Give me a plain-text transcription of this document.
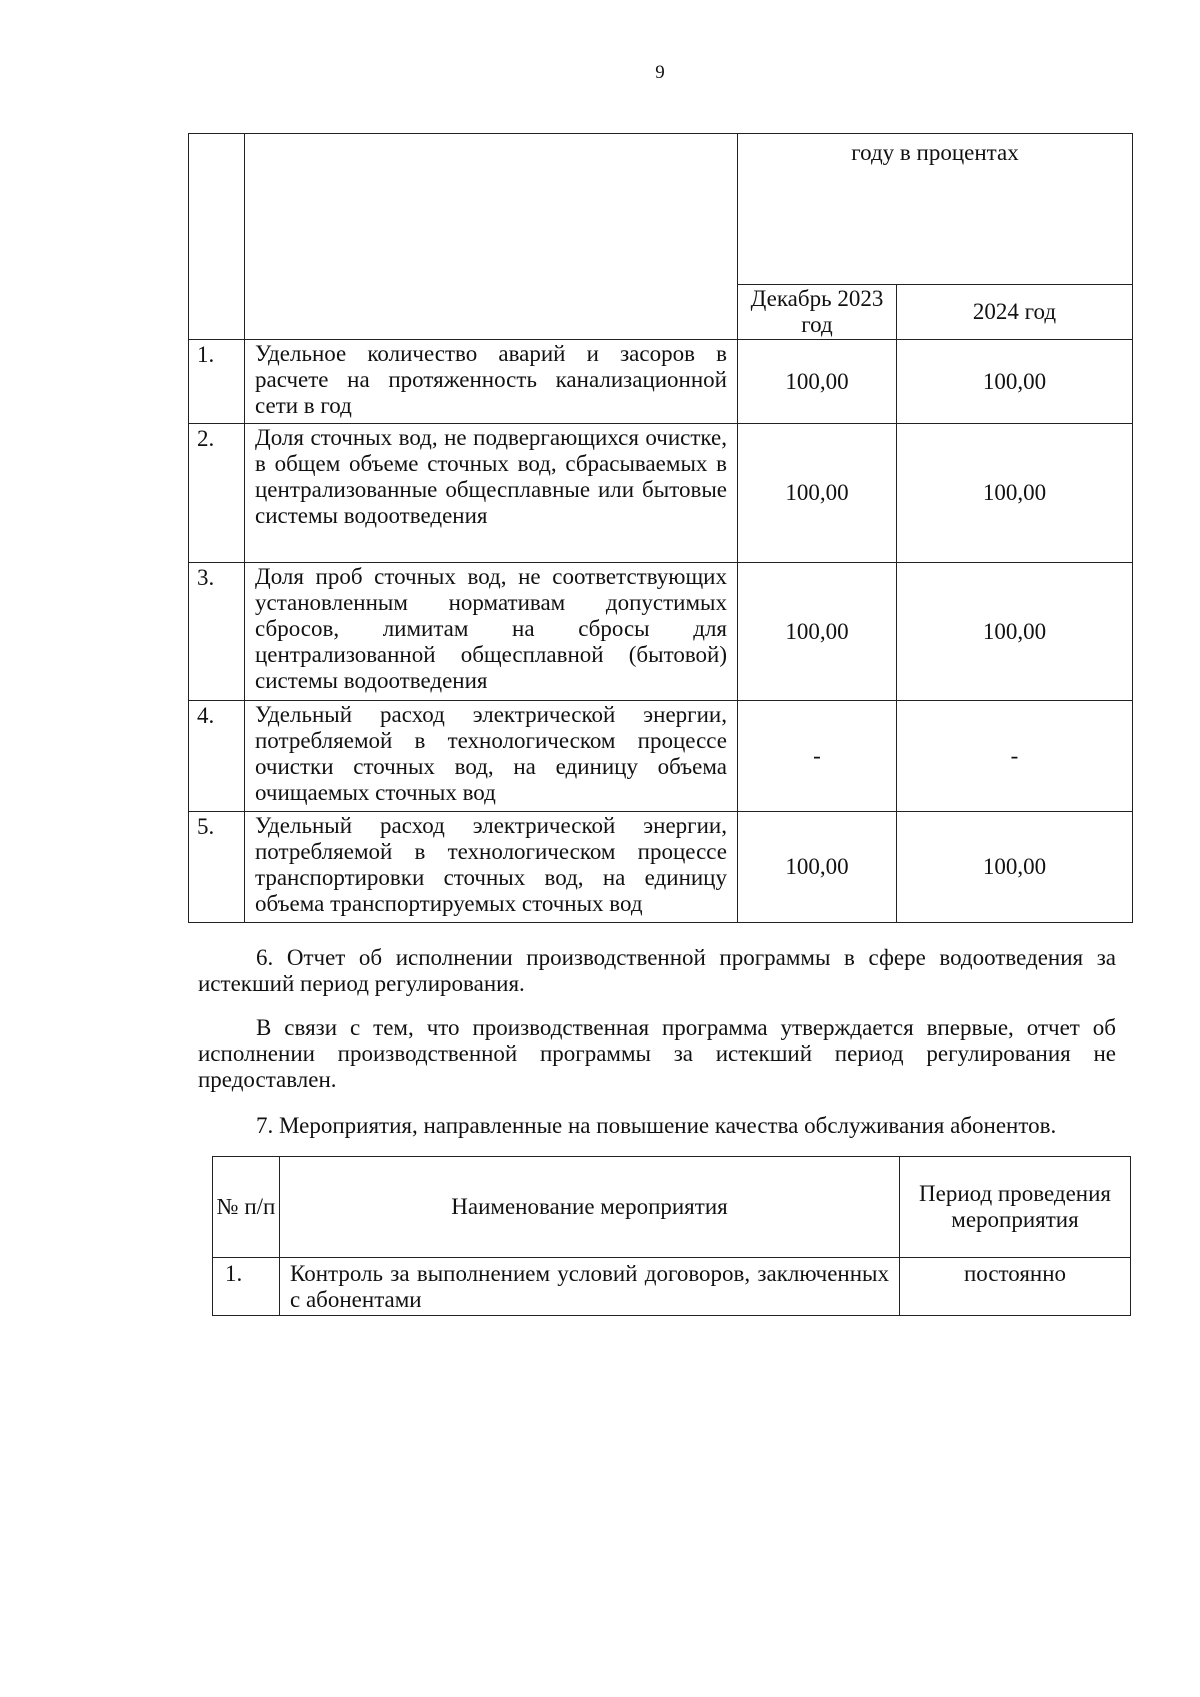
9
		году в процентах	
		Декабрь 2023 год	2024 год
1.	Удельное количество аварий и засоров в расчете на протяженность канализационной сети в год	100,00	100,00
2.	Доля сточных вод, не подвергающихся очистке, в общем объеме сточных вод, сбрасываемых в централизованные общесплавные или бытовые системы водоотведения	100,00	100,00
3.	Доля проб сточных вод, не соответствующих установленным нормативам допустимых сбросов, лимитам на сбросы для централизованной общесплавной (бытовой) системы водоотведения	100,00	100,00
4.	Удельный расход электрической энергии, потребляемой в технологическом процессе очистки сточных вод, на единицу объема очищаемых сточных вод	-	-
5.	Удельный расход электрической энергии, потребляемой в технологическом процессе транспортировки сточных вод, на единицу объема транспортируемых сточных вод	100,00	100,00

6. Отчет об исполнении производственной программы в сфере водоотведения за истекший период регулирования.

В связи с тем, что производственная программа утверждается впервые, отчет об исполнении производственной программы за истекший период регулирования не предоставлен.

7. Мероприятия, направленные на повышение качества обслуживания абонентов.

№ п/п	Наименование мероприятия	Период проведения мероприятия
1.	Контроль за выполнением условий договоров, заключенных с абонентами	постоянно
